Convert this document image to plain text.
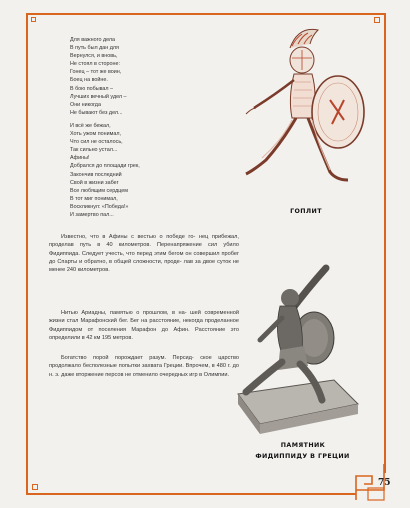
Для важного дела
В путь был дан для
Вернулся, и вновь,
Не стоял в стороне:
Гонец – тот же воин,
Боец на войне.
В бою побывал –
Лучших вечный удел –
Они никогда
Не бывают без дел...
И всё же бежал,
Хоть ужом понимал,
Что сил не осталось,
Так сильно устал...
Афины!
Добрался до площади грек,
Закончив последний
Свой в жизни забег
Все любящим сердцем
В тот миг понимал,
Воскликнул: «Победа!»
И замертво пал...	ГОПЛИТ

Известно, что в Афины с вестью о победе го- нец прибежал, проделав путь в 40 километров. Перенапряжение сил убило Фидиппида. Следует учесть, что перед этим бегом он совершил пробег до Спарты и обратно, в общей сложности, проде- лав за двое суток не менее 240 километров.

Нитью Ариадны, памятью о прошлом, в на- шей современной жизни стал Марафонский бег. Бег на расстояние, некогда проделанное Фидиппидом от поселения Марафон до Афин. Расстояние это определили в 42 км 195 метров.

Богатство порой порождает разум. Персид- ское царство продолжало бесполезные попытки захвата Греции. Впрочем, в 480 г. до н. э. даже вторжение персов не отменило очередных игр в Олимпии.

ПАМЯТНИК
ФИДИППИДУ В ГРЕЦИИ
75
